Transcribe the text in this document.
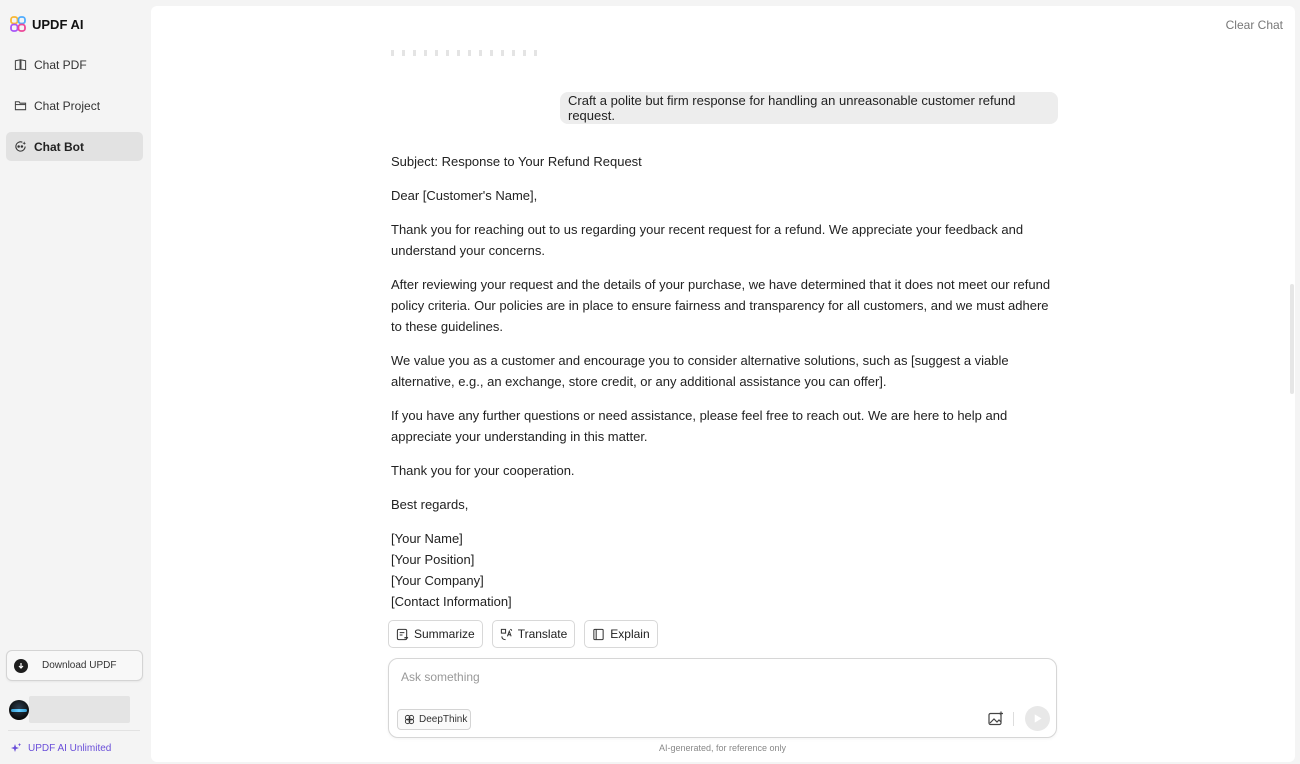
UPDF AI
Chat PDF
Chat Project
Chat Bot
Download UPDF
UPDF AI Unlimited
Clear Chat
Craft a polite but firm response for handling an unreasonable customer refund request.

Subject: Response to Your Refund Request

Dear [Customer's Name],

Thank you for reaching out to us regarding your recent request for a refund. We appreciate your feedback and understand your concerns.

After reviewing your request and the details of your purchase, we have determined that it does not meet our refund policy criteria. Our policies are in place to ensure fairness and transparency for all customers, and we must adhere to these guidelines.

We value you as a customer and encourage you to consider alternative solutions, such as [suggest a viable alternative, e.g., an exchange, store credit, or any additional assistance you can offer].

If you have any further questions or need assistance, please feel free to reach out. We are here to help and appreciate your understanding in this matter.

Thank you for your cooperation.

Best regards,

[Your Name]
[Your Position]
[Your Company]
[Contact Information]
Summarize	Translate	Explain
Ask something
DeepThink
AI-generated, for reference only
